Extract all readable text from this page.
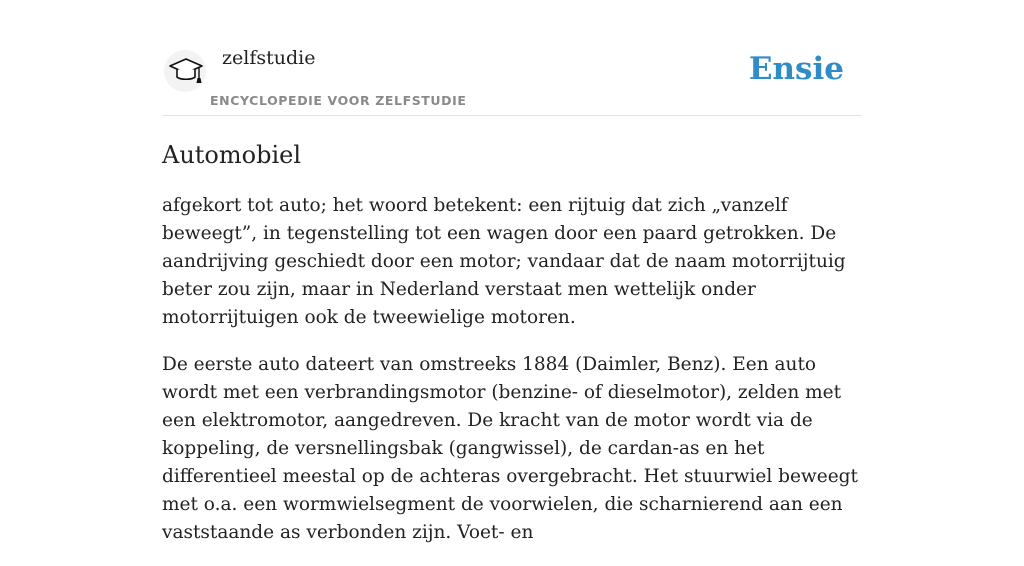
zelfstudie
ENCYCLOPEDIE VOOR ZELFSTUDIE
Ensie
Automobiel

afgekort tot auto; het woord betekent: een rijtuig dat zich „vanzelf beweegt”, in tegenstelling tot een wagen door een paard getrokken. De aandrijving geschiedt door een motor; vandaar dat de naam motorrijtuig beter zou zijn, maar in Nederland verstaat men wettelijk onder motorrijtuigen ook de tweewielige motoren.

De eerste auto dateert van omstreeks 1884 (Daimler, Benz). Een auto wordt met een verbrandingsmotor (benzine- of dieselmotor), zelden met een elektromotor, aangedreven. De kracht van de motor wordt via de koppeling, de versnellingsbak (gangwissel), de cardan-as en het differentieel meestal op de achteras overgebracht. Het stuurwiel beweegt met o.a. een wormwielsegment de voorwielen, die scharnierend aan een vaststaande as verbonden zijn. Voet- en
